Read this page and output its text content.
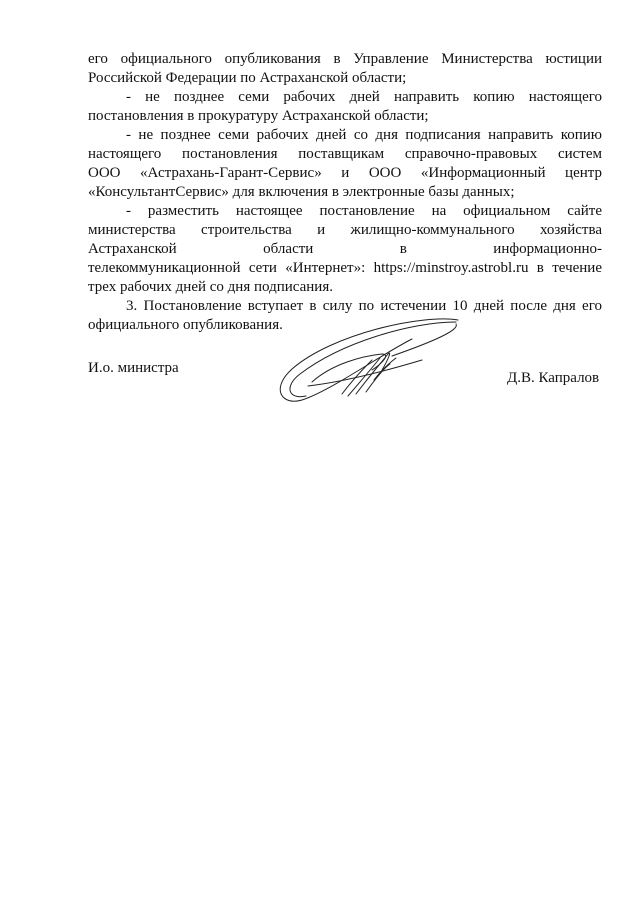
его официального опубликования в Управление Министерства юстиции
Российской Федерации по Астраханской области;
- не позднее семи рабочих дней направить копию настоящего
постановления в прокуратуру Астраханской области;
- не позднее семи рабочих дней со дня подписания направить копию
настоящего постановления поставщикам справочно-правовых систем
ООО «Астрахань-Гарант-Сервис» и ООО «Информационный центр
«КонсультантСервис» для включения в электронные базы данных;
- разместить настоящее постановление на официальном сайте
министерства строительства и жилищно-коммунального хозяйства
Астраханской области в информационно-
телекоммуникационной сети «Интернет»: https://minstroy.astrobl.ru в течение
трех рабочих дней со дня подписания.
3. Постановление вступает в силу по истечении 10 дней после дня его
официального опубликования.
И.о. министра
Д.В. Капралов
